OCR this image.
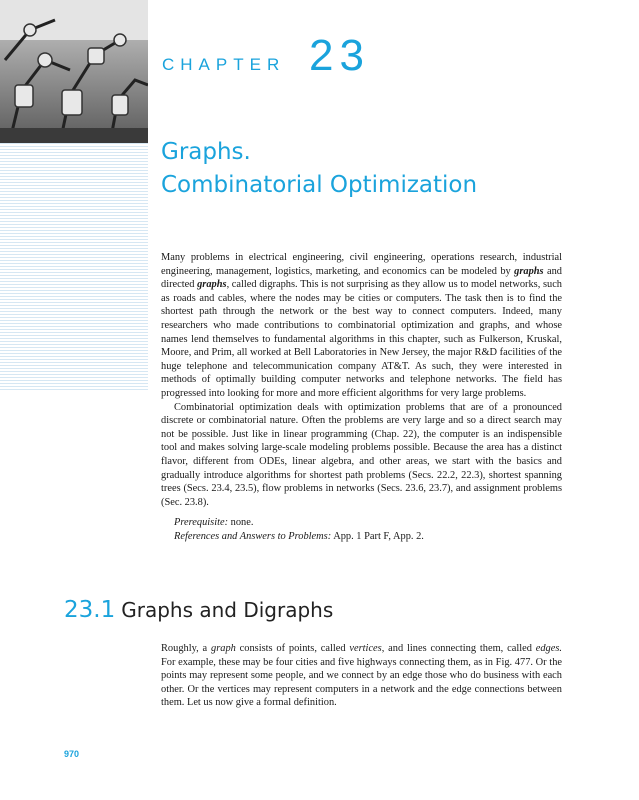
CHAPTER 23
Graphs.
Combinatorial Optimization

Many problems in electrical engineering, civil engineering, operations research, industrial engineering, management, logistics, marketing, and economics can be modeled by graphs and directed graphs, called digraphs. This is not surprising as they allow us to model networks, such as roads and cables, where the nodes may be cities or computers. The task then is to find the shortest path through the network or the best way to connect computers. Indeed, many researchers who made contributions to combinatorial optimization and graphs, and whose names lend themselves to fundamental algorithms in this chapter, such as Fulkerson, Kruskal, Moore, and Prim, all worked at Bell Laboratories in New Jersey, the major R&D facilities of the huge telephone and telecommunication company AT&T. As such, they were interested in methods of optimally building computer networks and telephone networks. The field has progressed into looking for more and more efficient algorithms for very large problems.

Combinatorial optimization deals with optimization problems that are of a pronounced discrete or combinatorial nature. Often the problems are very large and so a direct search may not be possible. Just like in linear programming (Chap. 22), the computer is an indispensible tool and makes solving large-scale modeling problems possible. Because the area has a distinct flavor, different from ODEs, linear algebra, and other areas, we start with the basics and gradually introduce algorithms for shortest path problems (Secs. 22.2, 22.3), shortest spanning trees (Secs. 23.4, 23.5), flow problems in networks (Secs. 23.6, 23.7), and assignment problems (Sec. 23.8).

Prerequisite: none.

References and Answers to Problems: App. 1 Part F, App. 2.

23.1 Graphs and Digraphs

Roughly, a graph consists of points, called vertices, and lines connecting them, called edges. For example, these may be four cities and five highways connecting them, as in Fig. 477. Or the points may represent some people, and we connect by an edge those who do business with each other. Or the vertices may represent computers in a network and the edge connections between them. Let us now give a formal definition.

970
